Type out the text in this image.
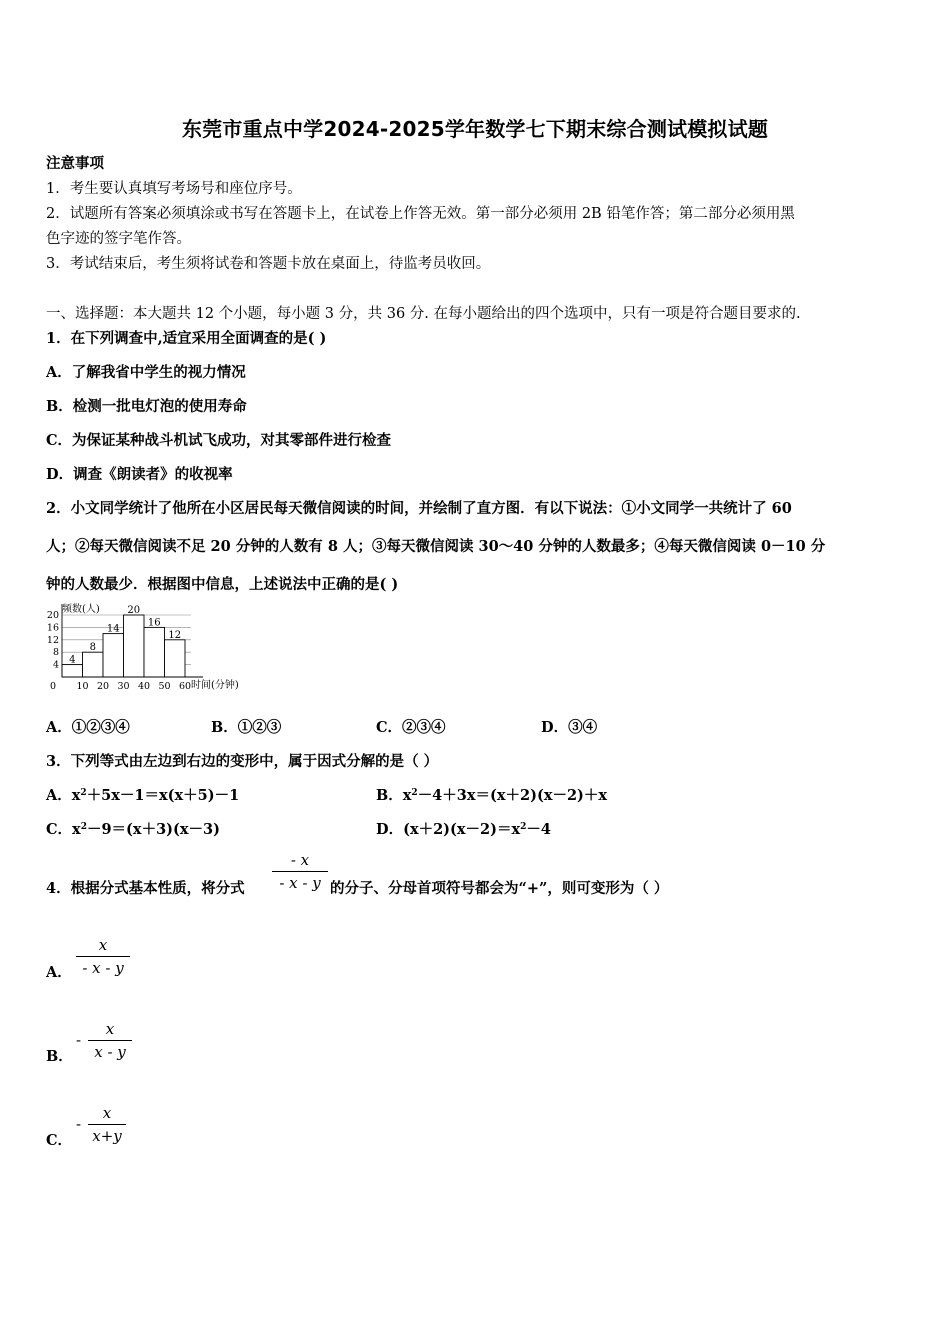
东莞市重点中学2024-2025学年数学七下期末综合测试模拟试题
注意事项
1．考生要认真填写考场号和座位序号。
2．试题所有答案必须填涂或书写在答题卡上，在试卷上作答无效。第一部分必须用 2B 铅笔作答；第二部分必须用黑
色字迹的签字笔作答。
3．考试结束后，考生须将试卷和答题卡放在桌面上，待监考员收回。
一、选择题：本大题共 12 个小题，每小题 3 分，共 36 分. 在每小题给出的四个选项中，只有一项是符合题目要求的.
1．在下列调查中,适宜采用全面调查的是( )
A．了解我省中学生的视力情况
B．检测一批电灯泡的使用寿命
C．为保证某种战斗机试飞成功，对其零部件进行检查
D．调查《朗读者》的收视率
2．小文同学统计了他所在小区居民每天微信阅读的时间，并绘制了直方图．有以下说法：①小文同学一共统计了 60
人；②每天微信阅读不足 20 分钟的人数有 8 人；③每天微信阅读 30～40 分钟的人数最多；④每天微信阅读 0－10 分
钟的人数最少．根据图中信息，上述说法中正确的是( )
4
8
14
20
16
12
4
8
12
16
20
0 10 20 30 40 50 60
频数(人)
时间(分钟)
A．①②③④	B．①②③	C．②③④	D．③④
3．下列等式由左边到右边的变形中，属于因式分解的是（ ）
A．$x^2+5x-1=x(x+5)-1$	B．$x^2-4+3x=(x+2)(x-2)+x$
C．$x^2-9=(x+3)(x-3)$	D．$(x+2)(x-2)=x^2-4$
4．根据分式基本性质，将分式
- x
- x - y 的分子、分母首项符号都会为“+”，则可变形为（ ）
A．
x
- x - y
B．
-
x
x - y
C．
-
x
x+y
